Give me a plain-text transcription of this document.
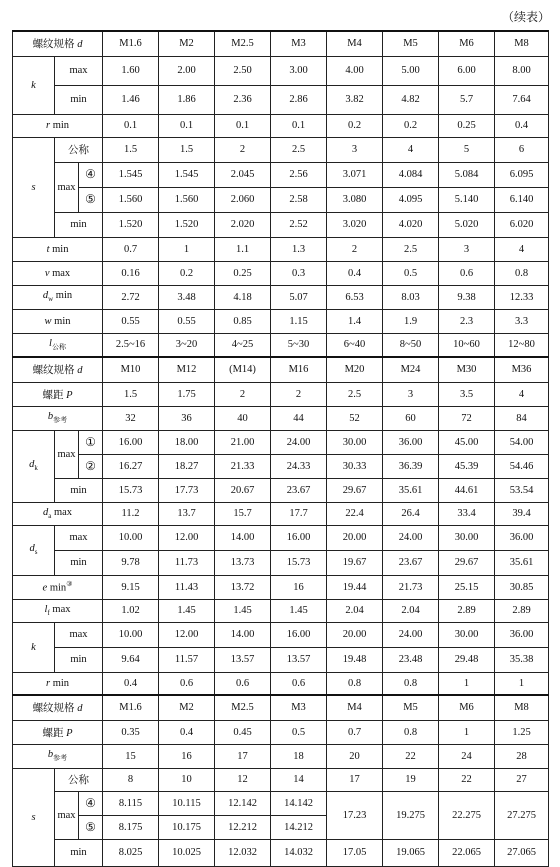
（续表）
螺纹规格 d	M1.6	M2	M2.5	M3	M4	M5	M6	M8
k	max	1.60	2.00	2.50	3.00	4.00	5.00	6.00	8.00
min	1.46	1.86	2.36	2.86	3.82	4.82	5.7	7.64
r min	0.1	0.1	0.1	0.1	0.2	0.2	0.25	0.4
s	公称	1.5	1.5	2	2.5	3	4	5	6
max	④	1.545	1.545	2.045	2.56	3.071	4.084	5.084	6.095
⑤	1.560	1.560	2.060	2.58	3.080	4.095	5.140	6.140
min	1.520	1.520	2.020	2.52	3.020	4.020	5.020	6.020
t min	0.7	1	1.1	1.3	2	2.5	3	4
v max	0.16	0.2	0.25	0.3	0.4	0.5	0.6	0.8
$d_w$ min	2.72	3.48	4.18	5.07	6.53	8.03	9.38	12.33
w min	0.55	0.55	0.85	1.15	1.4	1.9	2.3	3.3
$l_{公称}$	2.5~16	3~20	4~25	5~30	6~40	8~50	10~60	12~80
螺纹规格 d	M10	M12	(M14)	M16	M20	M24	M30	M36
螺距 P	1.5	1.75	2	2	2.5	3	3.5	4
$b_{参考}$	32	36	40	44	52	60	72	84
$d_k$	max	①	16.00	18.00	21.00	24.00	30.00	36.00	45.00	54.00
②	16.27	18.27	21.33	24.33	30.33	36.39	45.39	54.46
min	15.73	17.73	20.67	23.67	29.67	35.61	44.61	53.54
$d_a$ max	11.2	13.7	15.7	17.7	22.4	26.4	33.4	39.4
$d_s$	max	10.00	12.00	14.00	16.00	20.00	24.00	30.00	36.00
min	9.78	11.73	13.73	15.73	19.67	23.67	29.67	35.61
e min③	9.15	11.43	13.72	16	19.44	21.73	25.15	30.85
$l_f$ max	1.02	1.45	1.45	1.45	2.04	2.04	2.89	2.89
k	max	10.00	12.00	14.00	16.00	20.00	24.00	30.00	36.00
min	9.64	11.57	13.57	13.57	19.48	23.48	29.48	35.38
r min	0.4	0.6	0.6	0.6	0.8	0.8	1	1
螺纹规格 d	M1.6	M2	M2.5	M3	M4	M5	M6	M8
螺距 P	0.35	0.4	0.45	0.5	0.7	0.8	1	1.25
$b_{参考}$	15	16	17	18	20	22	24	28
s	公称	8	10	12	14	17	19	22	27
max	④	8.115	10.115	12.142	14.142	17.23	19.275	22.275	27.275
⑤	8.175	10.175	12.212	14.212
min	8.025	10.025	12.032	14.032	17.05	19.065	22.065	27.065
